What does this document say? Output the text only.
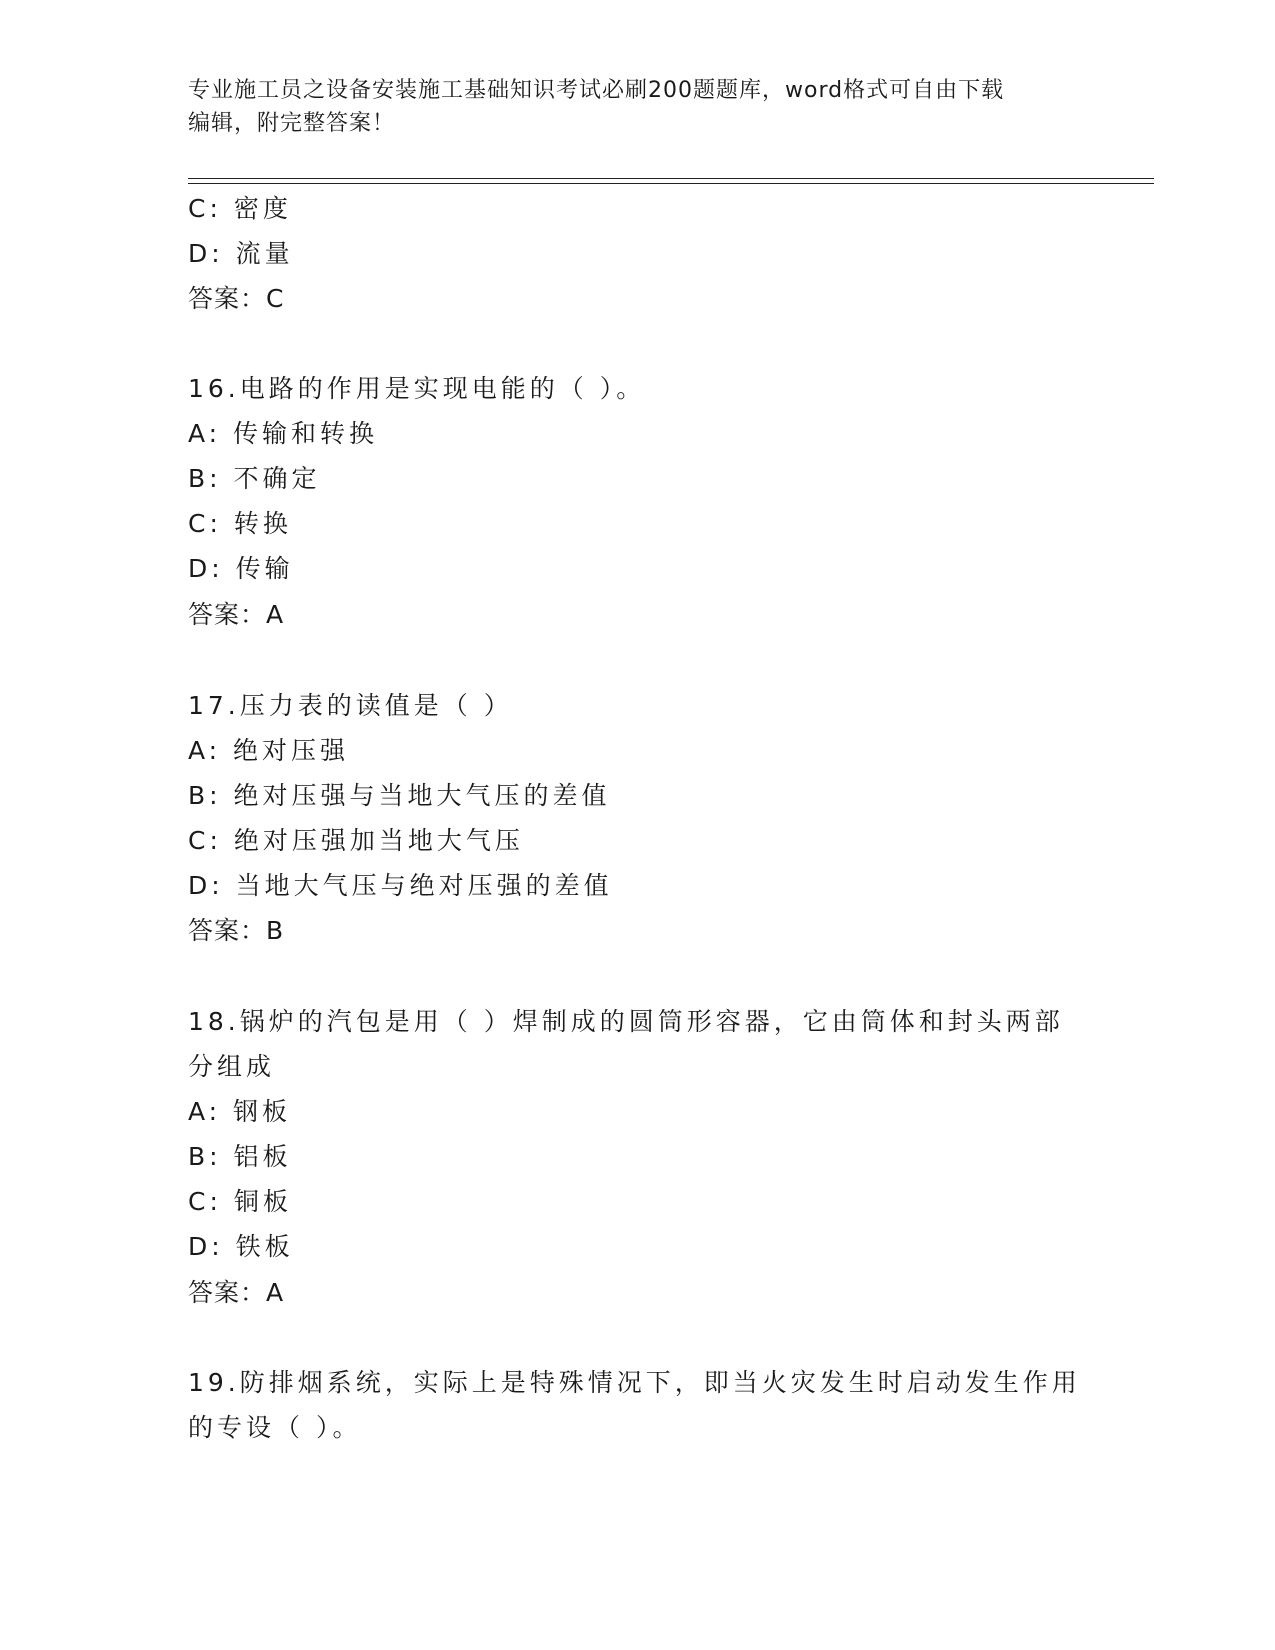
专业施工员之设备安装施工基础知识考试必刷200题题库，word格式可自由下载
编辑，附完整答案！
C: 密度
D: 流量
答案：C
16.电路的作用是实现电能的（ ）。
A: 传输和转换
B: 不确定
C: 转换
D: 传输
答案：A
17.压力表的读值是（ ）
A: 绝对压强
B: 绝对压强与当地大气压的差值
C: 绝对压强加当地大气压
D: 当地大气压与绝对压强的差值
答案：B
18.锅炉的汽包是用（ ）焊制成的圆筒形容器，它由筒体和封头两部
分组成
A: 钢板
B: 铝板
C: 铜板
D: 铁板
答案：A
19.防排烟系统，实际上是特殊情况下，即当火灾发生时启动发生作用
的专设（ ）。
